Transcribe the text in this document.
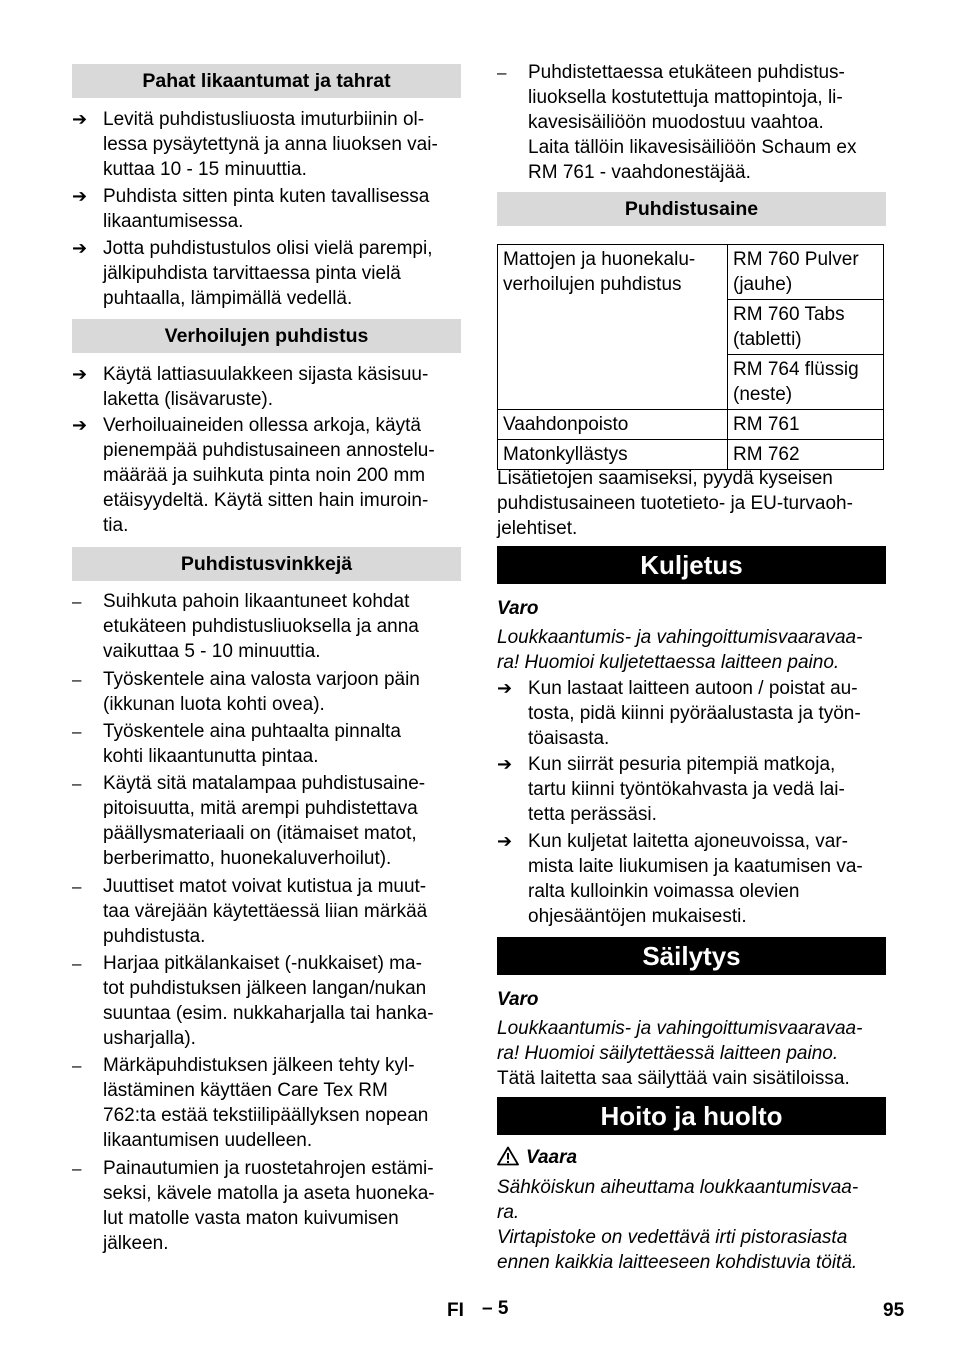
Pahat likaantumat ja tahrat
➔ Levitä puhdistusliuosta imuturbiinin ol-
lessa pysäytettynä ja anna liuoksen vai-
kuttaa 10 - 15 minuuttia.
➔ Puhdista sitten pinta kuten tavallisessa
likaantumisessa.
➔ Jotta puhdistustulos olisi vielä parempi,
jälkipuhdista tarvittaessa pinta vielä
puhtaalla, lämpimällä vedellä.
Verhoilujen puhdistus
➔ Käytä lattiasuulakkeen sijasta käsisuu-
laketta (lisävaruste).
➔ Verhoiluaineiden ollessa arkoja, käytä
pienempää puhdistusaineen annostelu-
määrää ja suihkuta pinta noin 200 mm
etäisyydeltä. Käytä sitten hain imuroin-
tia.
Puhdistusvinkkejä
–	Suihkuta pahoin likaantuneet kohdat
etukäteen puhdistusliuoksella ja anna
vaikuttaa 5 - 10 minuuttia.
–	Työskentele aina valosta varjoon päin
(ikkunan luota kohti ovea).
–	Työskentele aina puhtaalta pinnalta
kohti likaantunutta pintaa.
–	Käytä sitä matalampaa puhdistusaine-
pitoisuutta, mitä arempi puhdistettava
päällysmateriaali on (itämaiset matot,
berberimatto, huonekaluverhoilut).
–	Juuttiset matot voivat kutistua ja muut-
taa värejään käytettäessä liian märkää
puhdistusta.
–	Harjaa pitkälankaiset (-nukkaiset) ma-
tot puhdistuksen jälkeen langan/nukan
suuntaa (esim. nukkaharjalla tai hanka-
usharjalla).
–	Märkäpuhdistuksen jälkeen tehty kyl-
lästäminen käyttäen Care Tex RM
762:ta estää tekstiilipäällyksen nopean
likaantumisen uudelleen.
–	Painautumien ja ruostetahrojen estämi-
seksi, kävele matolla ja aseta huoneka-
lut matolle vasta maton kuivumisen
jälkeen.
–	Puhdistettaessa etukäteen puhdistus-
liuoksella kostutettuja mattopintoja, li-
kavesisäiliöön muodostuu vaahtoa.
Laita tällöin likavesisäiliöön Schaum ex
RM 761 - vaahdonestäjää.
Puhdistusaine
Mattojen ja huonekalu-
verhoilujen puhdistus	RM 760 Pulver
(jauhe)
	RM 760 Tabs
(tabletti)
	RM 764 flüssig
(neste)
Vaahdonpoisto	RM 761
Matonkyllästys	RM 762
Lisätietojen saamiseksi, pyydä kyseisen
puhdistusaineen tuotetieto- ja EU-turvaoh-
jelehtiset.
Kuljetus
Varo
Loukkaantumis- ja vahingoittumisvaaravaa-
ra! Huomioi kuljetettaessa laitteen paino.
➔ Kun lastaat laitteen autoon / poistat au-
tosta, pidä kiinni pyöräalustasta ja työn-
töaisasta.
➔ Kun siirrät pesuria pitempiä matkoja,
tartu kiinni työntökahvasta ja vedä lai-
tetta perässäsi.
➔ Kun kuljetat laitetta ajoneuvoissa, var-
mista laite liukumisen ja kaatumisen va-
ralta kulloinkin voimassa olevien
ohjesääntöjen mukaisesti.
Säilytys
Varo
Loukkaantumis- ja vahingoittumisvaaravaa-
ra! Huomioi säilytettäessä laitteen paino.
Tätä laitetta saa säilyttää vain sisätiloissa.
Hoito ja huolto
Vaara
Sähköiskun aiheuttama loukkaantumisvaa-
ra.
Virtapistoke on vedettävä irti pistorasiasta
ennen kaikkia laitteeseen kohdistuvia töitä.
FI – 5	95
